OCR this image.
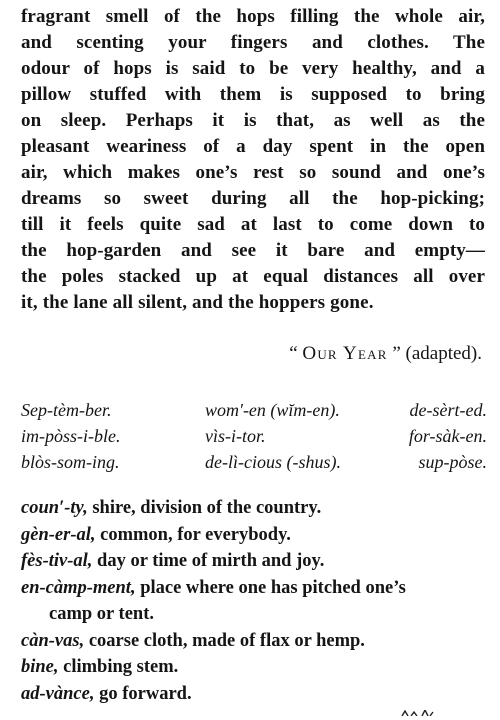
fragrant smell of the hops filling the whole air,
and scenting your fingers and clothes. The
odour of hops is said to be very healthy, and a
pillow stuffed with them is supposed to bring
on sleep. Perhaps it is that, as well as the
pleasant weariness of a day spent in the open
air, which makes one’s rest so sound and one’s
dreams so sweet during all the hop-picking;
till it feels quite sad at last to come down to
the hop-garden and see it bare and empty—
the poles stacked up at equal distances all over
it, the lane all silent, and the hoppers gone.
“ Our Year ” (adapted).
Sep-tèm-ber.	wom′-en (wĭm-en).	de-sèrt-ed.
im-pòss-i-ble.	vìs-i-tor.	for-sàk-en.
blòs-som-ing.	de-lì-cious (-shus).	sup-pòse.
coun′-ty, shire, division of the country.
gèn-er-al, common, for everybody.
fès-tiv-al, day or time of mirth and joy.
en-càmp-ment, place where one has pitched one’s
camp or tent.
càn-vas, coarse cloth, made of flax or hemp.
bine, climbing stem.
ad-vànce, go forward.
